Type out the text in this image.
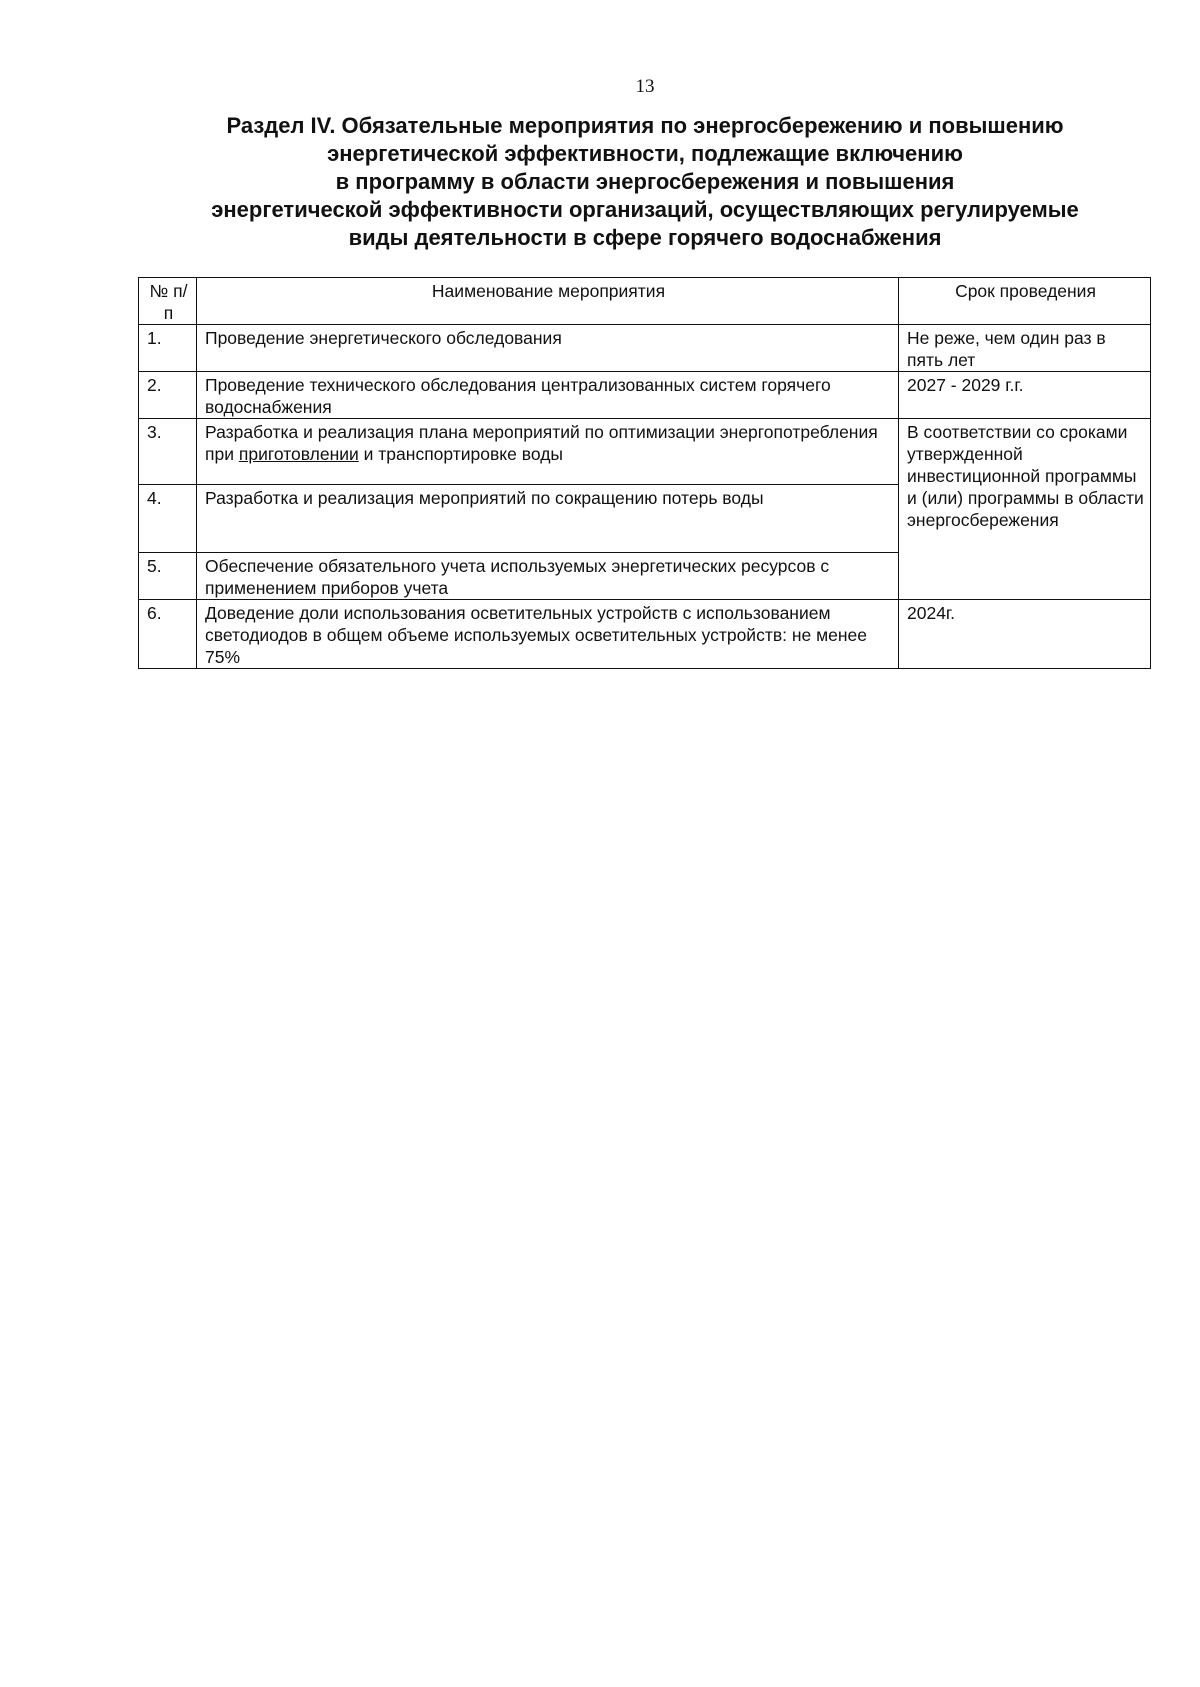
13
Раздел IV. Обязательные мероприятия по энергосбережению и повышению
энергетической эффективности, подлежащие включению
в программу в области энергосбережения и повышения
энергетической эффективности организаций, осуществляющих регулируемые
виды деятельности в сфере горячего водоснабжения
№ п/п	Наименование мероприятия	Срок проведения
1.	Проведение энергетического обследования	Не реже, чем один раз в пять лет
2.	Проведение технического обследования централизованных систем горячего водоснабжения	2027 - 2029 г.г.
3.	Разработка и реализация плана мероприятий по оптимизации энергопотребления при приготовлении и транспортировке воды	В соответствии со сроками утвержденной инвестиционной программы и (или) программы в области энергосбережения
4.	Разработка и реализация мероприятий по сокращению потерь воды	
5.	Обеспечение обязательного учета используемых энергетических ресурсов с применением приборов учета	
6.	Доведение доли использования осветительных устройств с использованием светодиодов в общем объеме используемых осветительных устройств: не менее 75%	2024г.
